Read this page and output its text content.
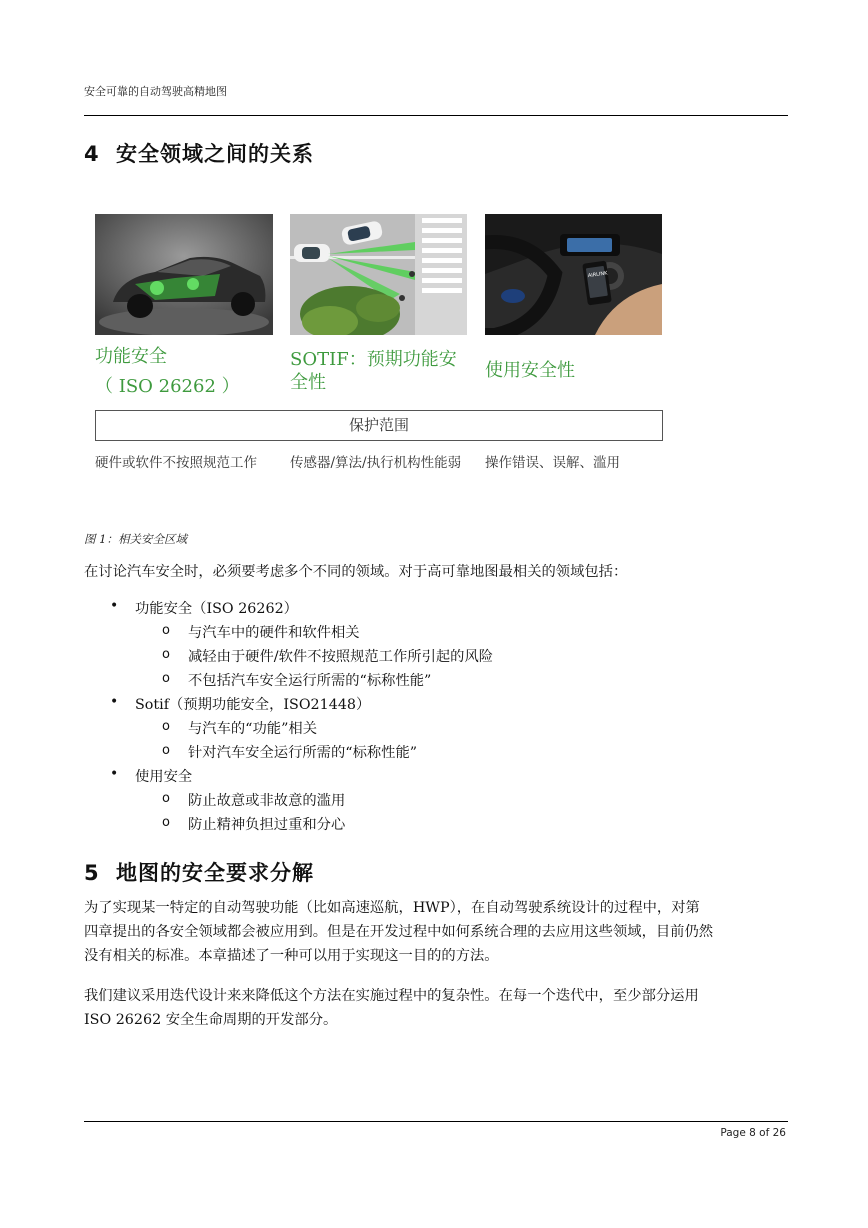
安全可靠的自动驾驶高精地图
4 安全领域之间的关系
AIRLINK
功能安全
（ ISO 26262 ）
SOTIF：预期功能安
全性
使用安全性
保护范围
硬件或软件不按照规范工作	传感器/算法/执行机构性能弱	操作错误、误解、滥用
图 1：相关安全区域
在讨论汽车安全时，必须要考虑多个不同的领域。对于高可靠地图最相关的领域包括：
• 功能安全（ISO 26262）
o 与汽车中的硬件和软件相关
o 减轻由于硬件/软件不按照规范工作所引起的风险
o 不包括汽车安全运行所需的“标称性能”
• Sotif（预期功能安全，ISO21448）
o 与汽车的“功能”相关
o 针对汽车安全运行所需的“标称性能”
• 使用安全
o 防止故意或非故意的滥用
o 防止精神负担过重和分心
5 地图的安全要求分解
为了实现某一特定的自动驾驶功能（比如高速巡航，HWP），在自动驾驶系统设计的过程中，对第
四章提出的各安全领域都会被应用到。但是在开发过程中如何系统合理的去应用这些领域，目前仍然
没有相关的标准。本章描述了一种可以用于实现这一目的的方法。
我们建议采用迭代设计来来降低这个方法在实施过程中的复杂性。在每一个迭代中，至少部分运用
ISO 26262 安全生命周期的开发部分。
Page 8 of 26
